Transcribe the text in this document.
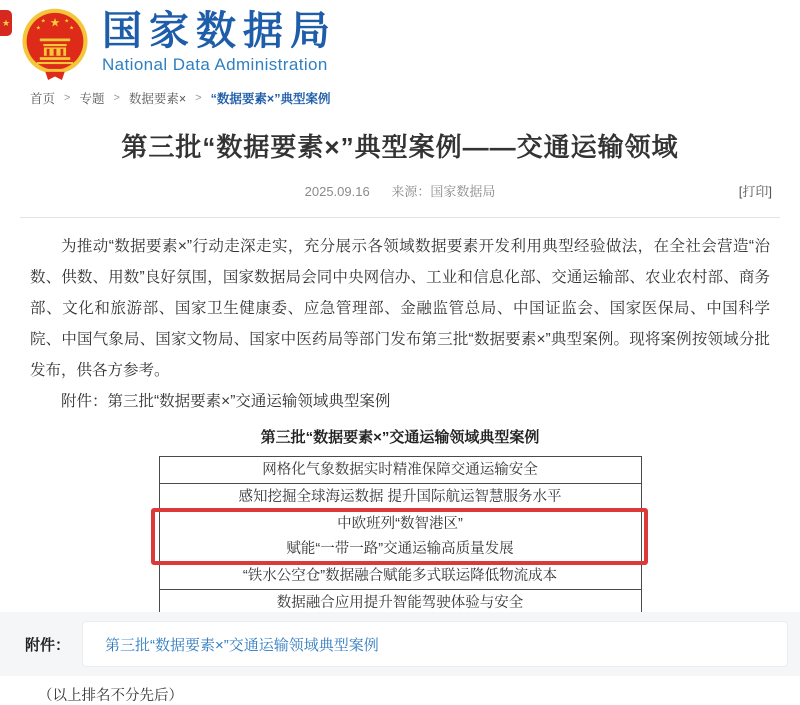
★ ★
★ ★
★	★ 国家数据局
National Data Administration
首页 > 专题 > 数据要素× > “数据要素×”典型案例
第三批“数据要素×”典型案例——交通运输领域
2025.09.16 来源：国家数据局	[打印]
为推动“数据要素×”行动走深走实，充分展示各领域数据要素开发利用典型经验做法，在全社会营造“治数、供数、用数”良好氛围，国家数据局会同中央网信办、工业和信息化部、交通运输部、农业农村部、商务部、文化和旅游部、国家卫生健康委、应急管理部、金融监管总局、中国证监会、国家医保局、中国科学院、中国气象局、国家文物局、国家中医药局等部门发布第三批“数据要素×”典型案例。现将案例按领域分批发布，供各方参考。
附件：第三批“数据要素×”交通运输领域典型案例
第三批“数据要素×”交通运输领域典型案例
网格化气象数据实时精准保障交通运输安全
感知挖掘全球海运数据 提升国际航运智慧服务水平
中欧班列“数智港区”
赋能“一带一路”交通运输高质量发展
“铁水公空仓”数据融合赋能多式联运降低物流成本
数据融合应用提升智能驾驶体验与安全
（以上排名不分先后）
附件： 第三批“数据要素×”交通运输领域典型案例
